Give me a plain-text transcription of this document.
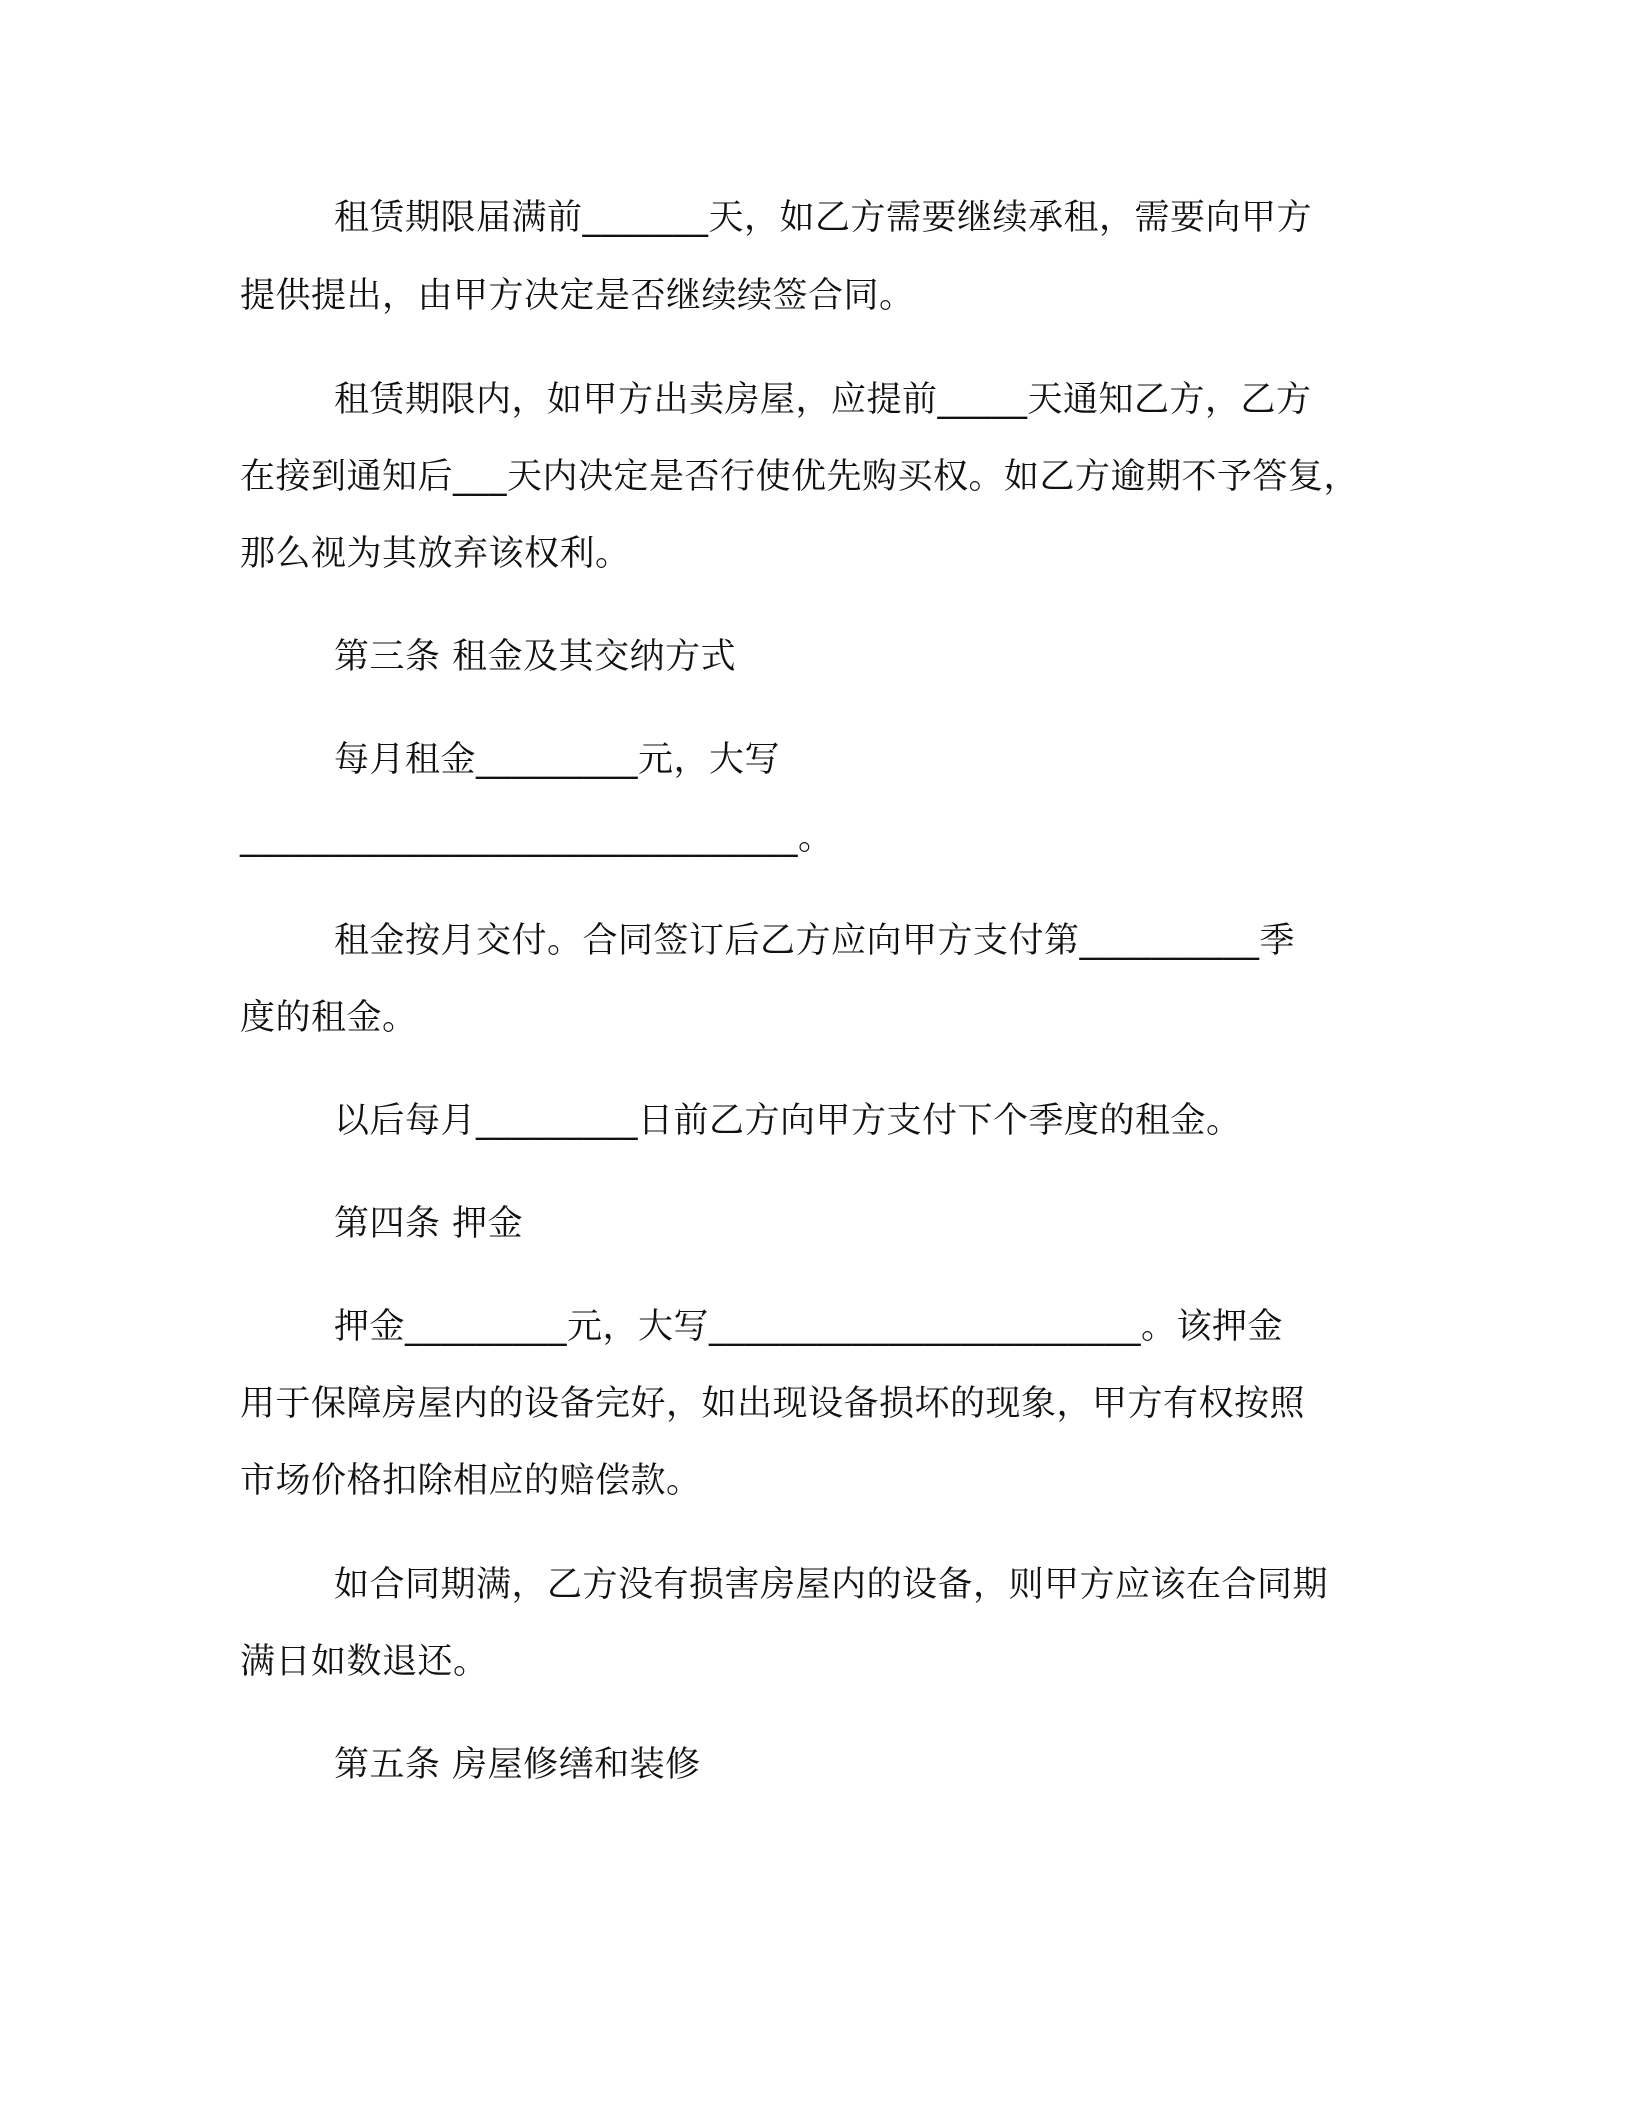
租赁期限届满前_______天，如乙方需要继续承租，需要向甲方
提供提出，由甲方决定是否继续续签合同。
租赁期限内，如甲方出卖房屋，应提前_____天通知乙方，乙方
在接到通知后___天内决定是否行使优先购买权。如乙方逾期不予答复，
那么视为其放弃该权利。
第三条 租金及其交纳方式
每月租金_________元，大写
_______________________________。
租金按月交付。合同签订后乙方应向甲方支付第__________季
度的租金。
以后每月_________日前乙方向甲方支付下个季度的租金。
第四条 押金
押金_________元，大写________________________。该押金
用于保障房屋内的设备完好，如出现设备损坏的现象，甲方有权按照
市场价格扣除相应的赔偿款。
如合同期满，乙方没有损害房屋内的设备，则甲方应该在合同期
满日如数退还。
第五条 房屋修缮和装修
